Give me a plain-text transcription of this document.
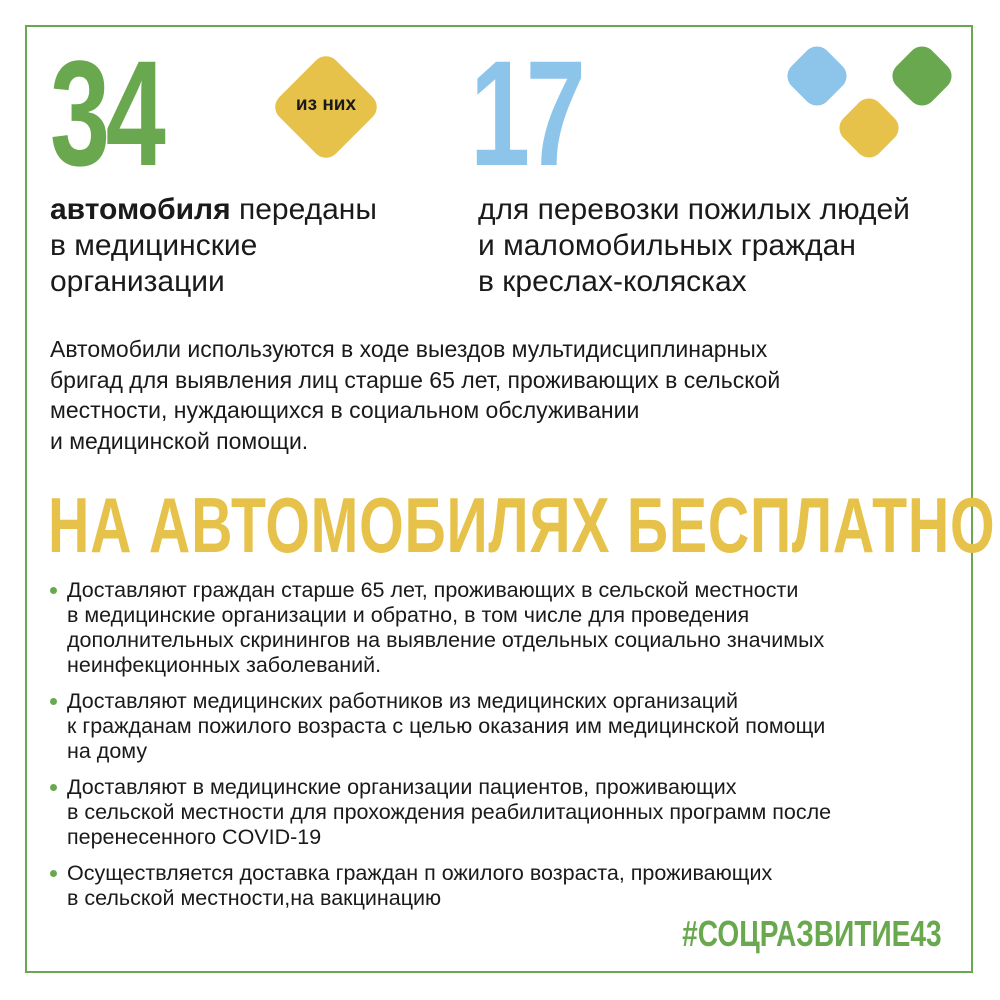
34	из них 17
автомобиля переданы
в медицинские
организации
для перевозки пожилых людей
и маломобильных граждан
в креслах-колясках
Автомобили используются в ходе выездов мультидисциплинарных
бригад для выявления лиц старше 65 лет, проживающих в сельской
местности, нуждающихся в социальном обслуживании
и медицинской помощи.
НА АВТОМОБИЛЯХ БЕСПЛАТНО
Доставляют граждан старше 65 лет, проживающих в сельской местности
в медицинские организации и обратно, в том числе для проведения
дополнительных скринингов на выявление отдельных социально значимых
неинфекционных заболеваний.
Доставляют медицинских работников из медицинских организаций
к гражданам пожилого возраста с целью оказания им медицинской помощи
на дому
Доставляют в медицинские организации пациентов, проживающих
в сельской местности для прохождения реабилитационных программ после
перенесенного COVID-19
Осуществляется доставка граждан п ожилого возраста, проживающих
в сельской местности,на вакцинацию
#СОЦРАЗВИТИЕ43
